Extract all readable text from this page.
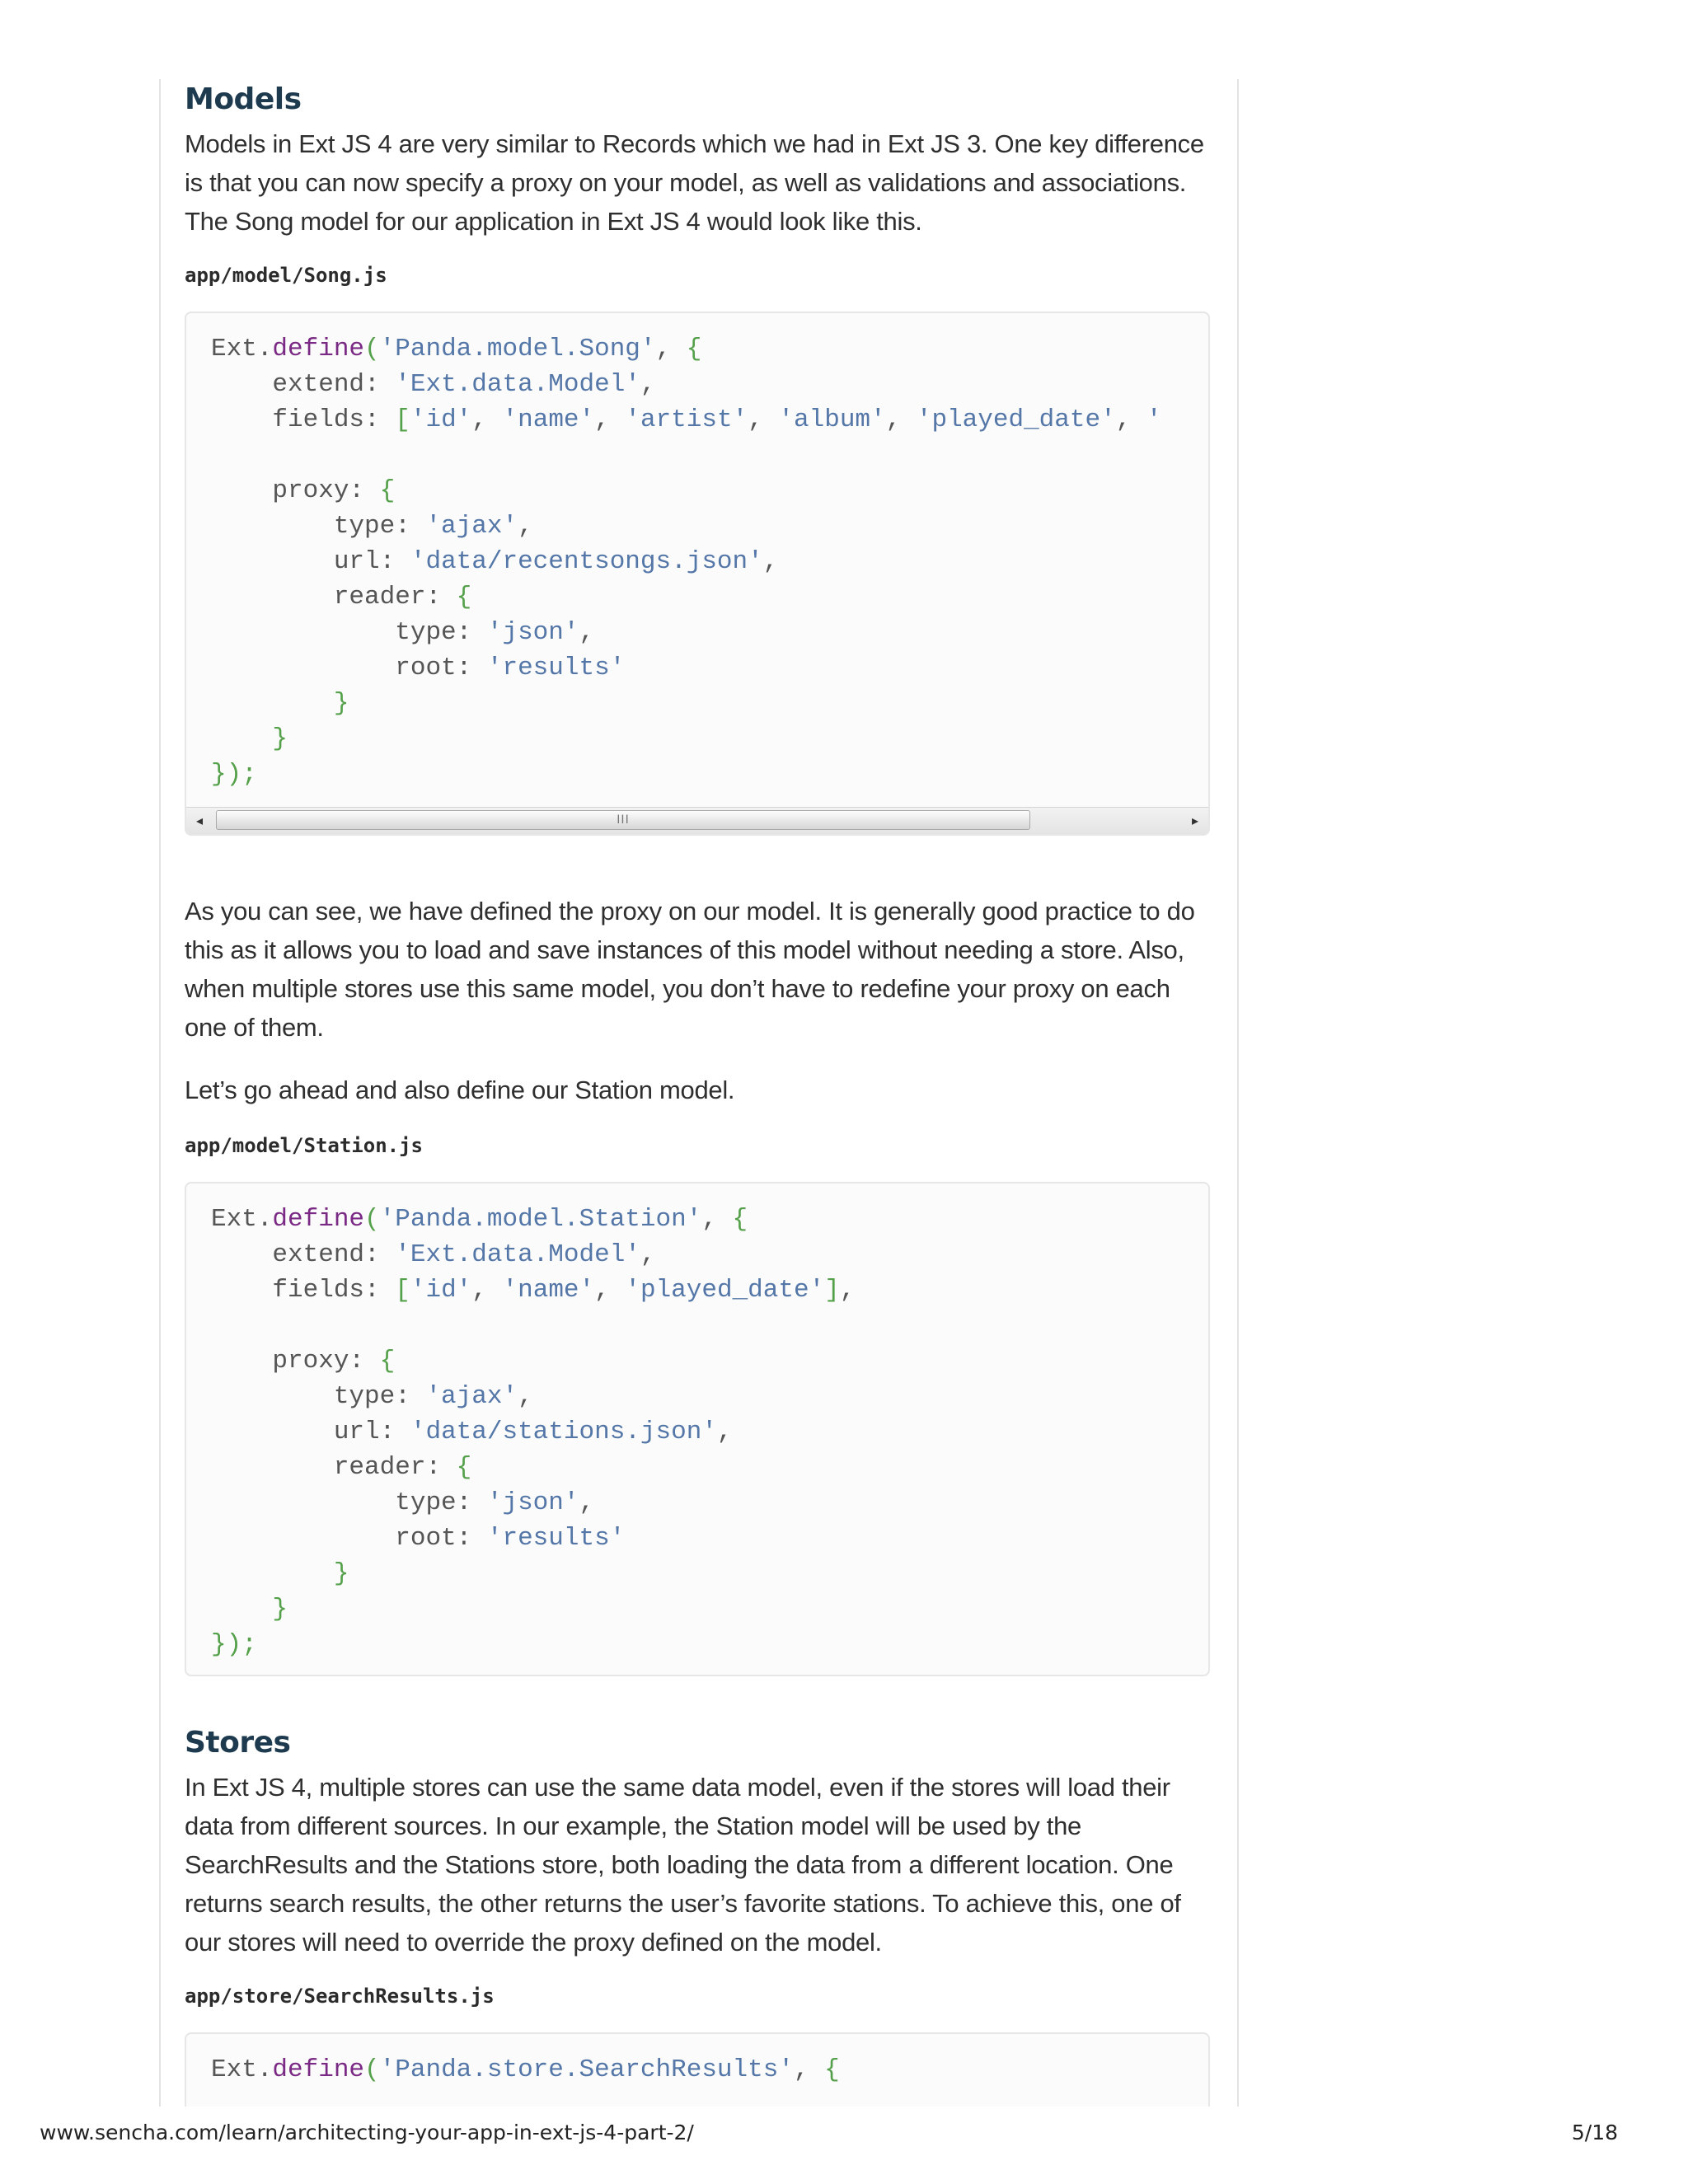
Models

Models in Ext JS 4 are very similar to Records which we had in Ext JS 3. One key difference is that you can now specify a proxy on your model, as well as validations and associations. The Song model for our application in Ext JS 4 would look like this.

app/model/Song.js
Ext.define('Panda.model.Song', {
extend: 'Ext.data.Model',
fields: ['id', 'name', 'artist', 'album', 'played_date', '

proxy: {
type: 'ajax',
url: 'data/recentsongs.json',
reader: {
type: 'json',
root: 'results'
}
}
});
◂	III	▸

As you can see, we have defined the proxy on our model. It is generally good practice to do this as it allows you to load and save instances of this model without needing a store. Also, when multiple stores use this same model, you don’t have to redefine your proxy on each one of them.

Let’s go ahead and also define our Station model.

app/model/Station.js
Ext.define('Panda.model.Station', {
extend: 'Ext.data.Model',
fields: ['id', 'name', 'played_date'],

proxy: {
type: 'ajax',
url: 'data/stations.json',
reader: {
type: 'json',
root: 'results'
}
}
});
Stores

In Ext JS 4, multiple stores can use the same data model, even if the stores will load their data from different sources. In our example, the Station model will be used by the SearchResults and the Stations store, both loading the data from a different location. One returns search results, the other returns the user’s favorite stations. To achieve this, one of our stores will need to override the proxy defined on the model.

app/store/SearchResults.js
Ext.define('Panda.store.SearchResults', {
www.sencha.com/learn/architecting-your-app-in-ext-js-4-part-2/	5/18
